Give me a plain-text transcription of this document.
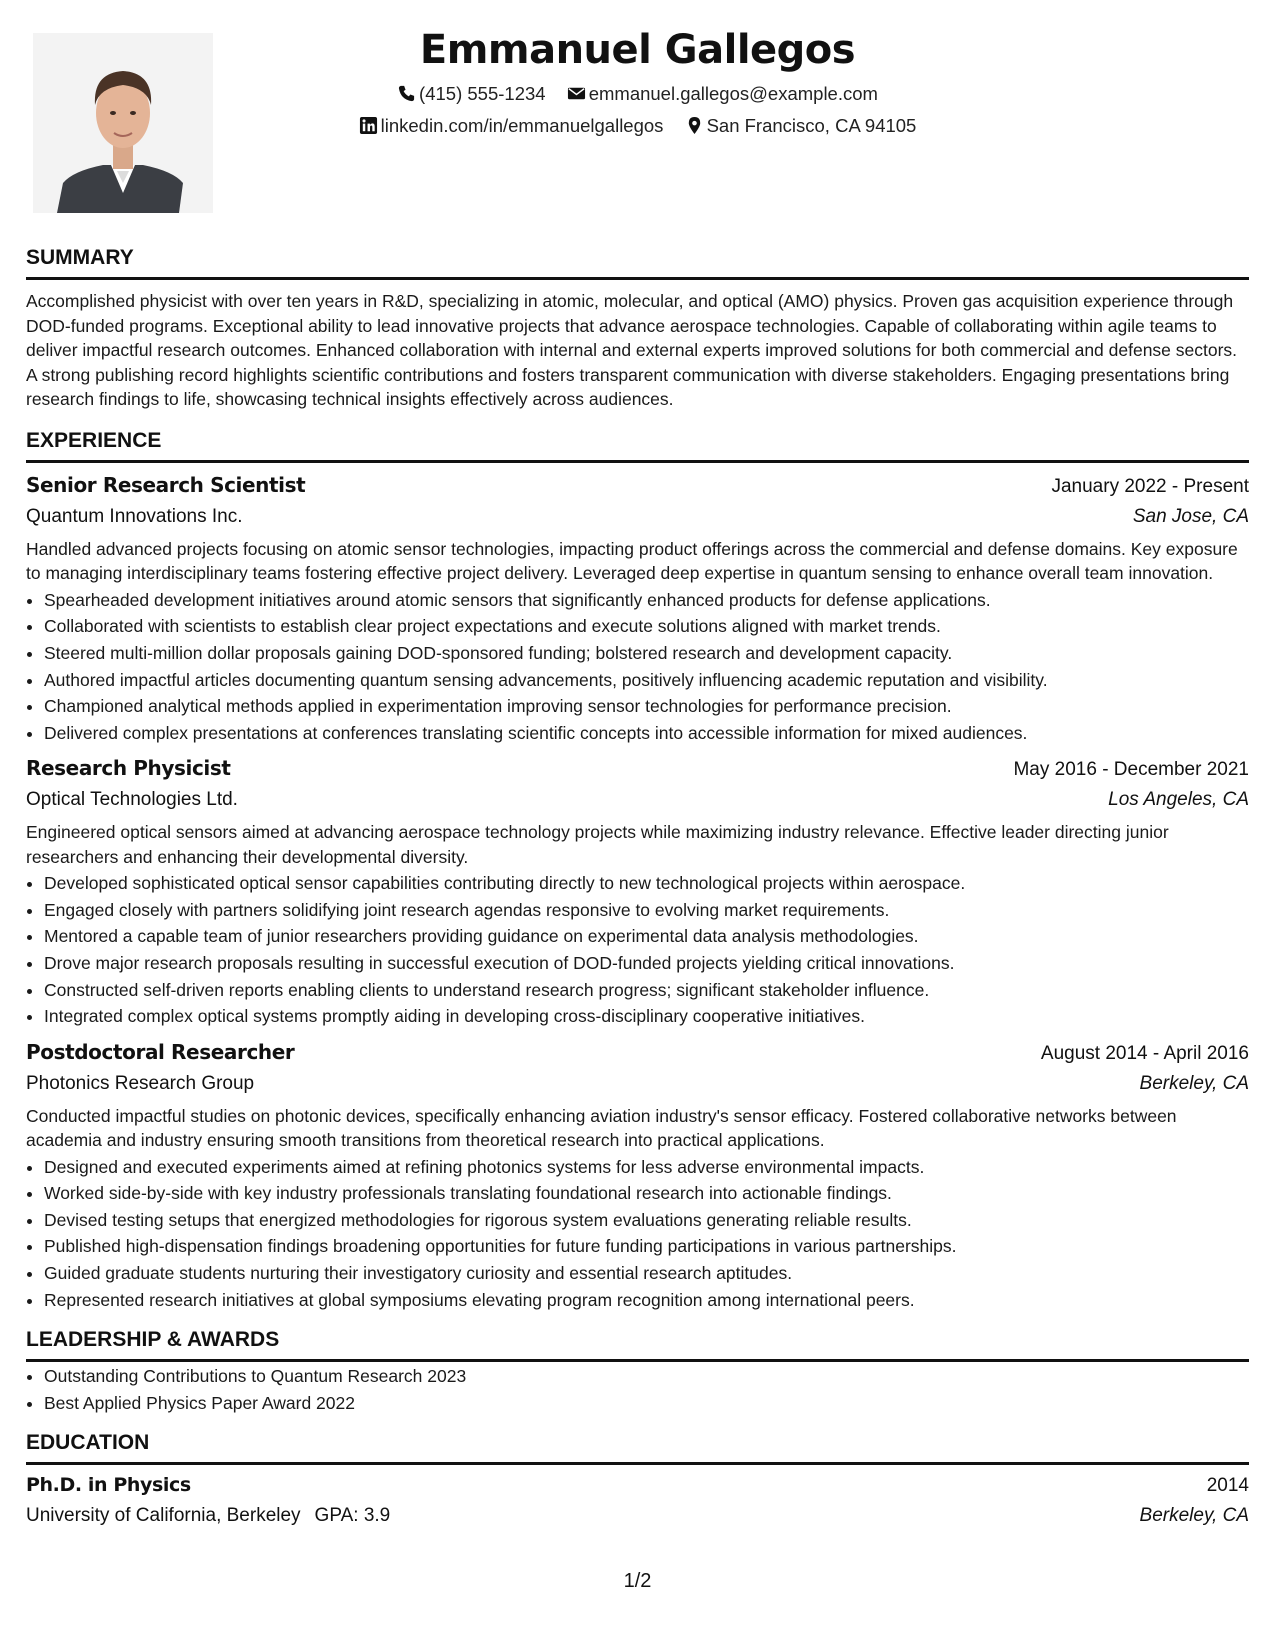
Emmanuel Gallegos
(415) 555-1234 emmanuel.gallegos@example.com
linkedin.com/in/emmanuelgallegos San Francisco, CA 94105
SUMMARY

Accomplished physicist with over ten years in R&D, specializing in atomic, molecular, and optical (AMO) physics. Proven gas acquisition experience through DOD-funded programs. Exceptional ability to lead innovative projects that advance aerospace technologies. Capable of collaborating within agile teams to deliver impactful research outcomes. Enhanced collaboration with internal and external experts improved solutions for both commercial and defense sectors. A strong publishing record highlights scientific contributions and fosters transparent communication with diverse stakeholders. Engaging presentations bring research findings to life, showcasing technical insights effectively across audiences.

EXPERIENCE
Senior Research Scientist	January 2022 - Present
Quantum Innovations Inc.	San Jose, CA

Handled advanced projects focusing on atomic sensor technologies, impacting product offerings across the commercial and defense domains. Key exposure to managing interdisciplinary teams fostering effective project delivery. Leveraged deep expertise in quantum sensing to enhance overall team innovation.

• Spearheaded development initiatives around atomic sensors that significantly enhanced products for defense applications.
• Collaborated with scientists to establish clear project expectations and execute solutions aligned with market trends.
• Steered multi-million dollar proposals gaining DOD-sponsored funding; bolstered research and development capacity.
• Authored impactful articles documenting quantum sensing advancements, positively influencing academic reputation and visibility.
• Championed analytical methods applied in experimentation improving sensor technologies for performance precision.
• Delivered complex presentations at conferences translating scientific concepts into accessible information for mixed audiences.
Research Physicist	May 2016 - December 2021
Optical Technologies Ltd.	Los Angeles, CA

Engineered optical sensors aimed at advancing aerospace technology projects while maximizing industry relevance. Effective leader directing junior researchers and enhancing their developmental diversity.

• Developed sophisticated optical sensor capabilities contributing directly to new technological projects within aerospace.
• Engaged closely with partners solidifying joint research agendas responsive to evolving market requirements.
• Mentored a capable team of junior researchers providing guidance on experimental data analysis methodologies.
• Drove major research proposals resulting in successful execution of DOD-funded projects yielding critical innovations.
• Constructed self-driven reports enabling clients to understand research progress; significant stakeholder influence.
• Integrated complex optical systems promptly aiding in developing cross-disciplinary cooperative initiatives.
Postdoctoral Researcher	August 2014 - April 2016
Photonics Research Group	Berkeley, CA

Conducted impactful studies on photonic devices, specifically enhancing aviation industry's sensor efficacy. Fostered collaborative networks between academia and industry ensuring smooth transitions from theoretical research into practical applications.

• Designed and executed experiments aimed at refining photonics systems for less adverse environmental impacts.
• Worked side-by-side with key industry professionals translating foundational research into actionable findings.
• Devised testing setups that energized methodologies for rigorous system evaluations generating reliable results.
• Published high-dispensation findings broadening opportunities for future funding participations in various partnerships.
• Guided graduate students nurturing their investigatory curiosity and essential research aptitudes.
• Represented research initiatives at global symposiums elevating program recognition among international peers.
LEADERSHIP & AWARDS
• Outstanding Contributions to Quantum Research 2023
• Best Applied Physics Paper Award 2022
EDUCATION
Ph.D. in Physics	2014
University of California, Berkeley GPA: 3.9	Berkeley, CA
1/2
